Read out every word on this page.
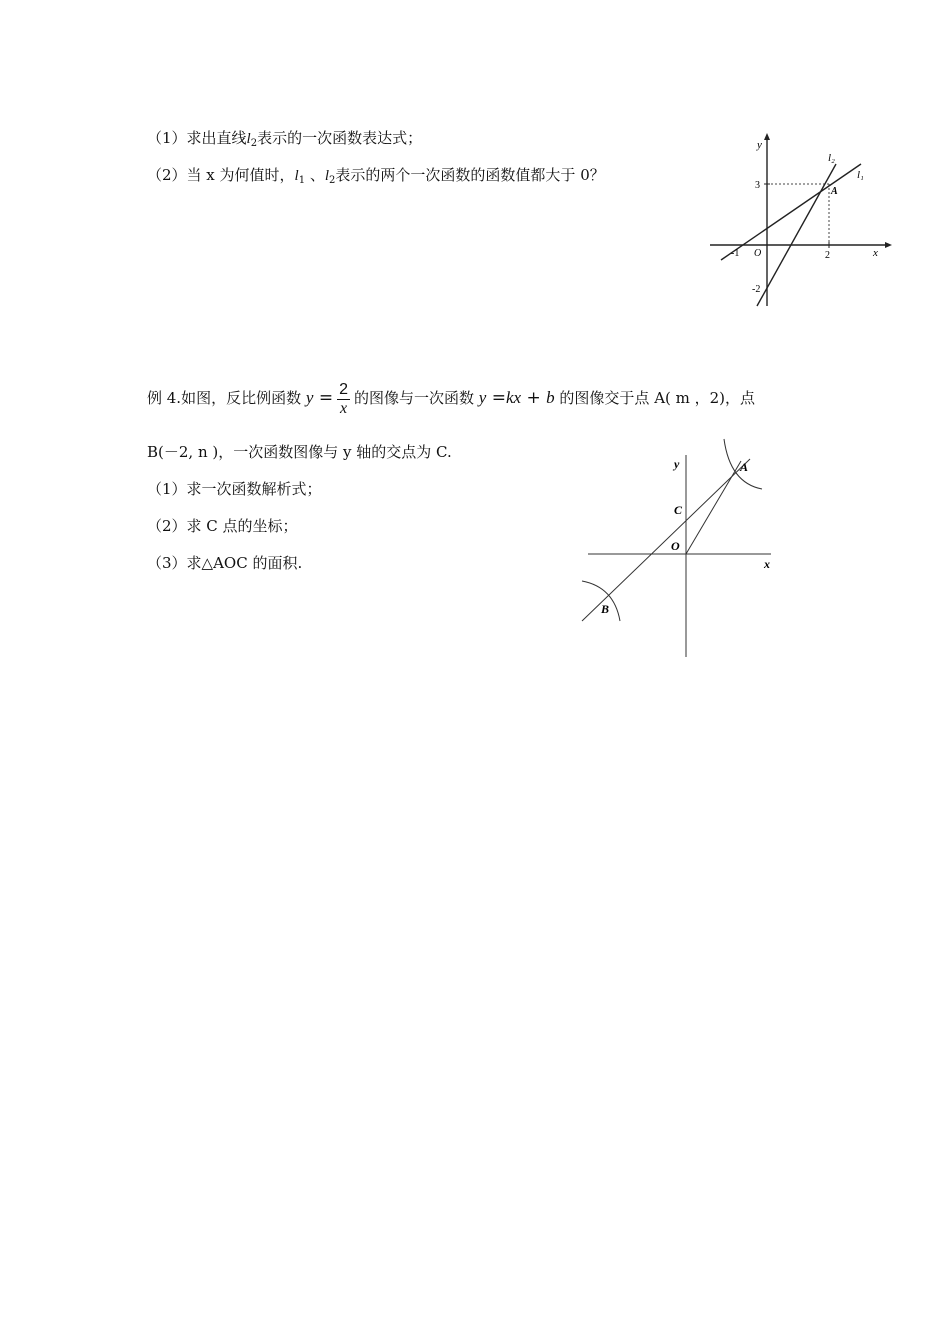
（1）求出直线$l_2$表示的一次函数表达式；
（2）当 x 为何值时，$l_1$ 、$l_2$表示的两个一次函数的函数值都大于 0？
y
x
l₂
l₁
A
O
3
2
-1
-2
例 4.如图，反比例函数 $y = \frac{2}{x}$ 的图像与一次函数 y =kx + b 的图像交于点 A( m ，2)，点
B(－2, n )，一次函数图像与 y 轴的交点为 C.
（1）求一次函数解析式；
（2）求 C 点的坐标；
（3）求△AOC 的面积.
y
x
A
C
O
B
